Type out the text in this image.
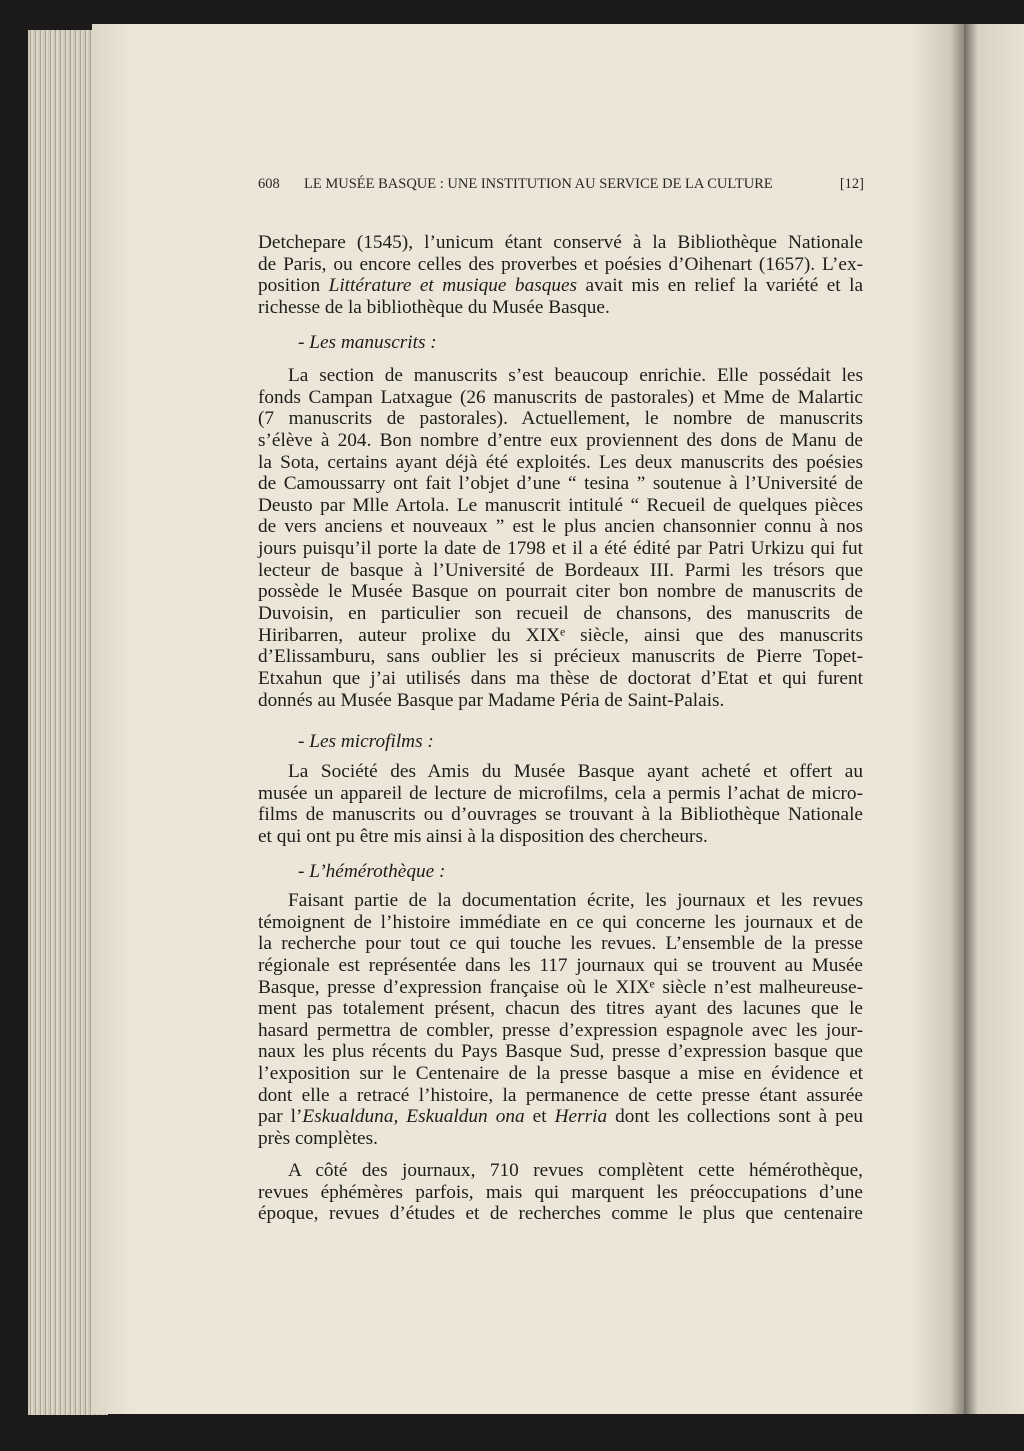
608 LE MUSÉE BASQUE : UNE INSTITUTION AU SERVICE DE LA CULTURE	[12]
Detchepare (1545), l’unicum étant conservé à la Bibliothèque Nationale
de Paris, ou encore celles des proverbes et poésies d’Oihenart (1657). L’ex-
position Littérature et musique basques avait mis en relief la variété et la
richesse de la bibliothèque du Musée Basque.
- Les manuscrits :
La section de manuscrits s’est beaucoup enrichie. Elle possédait les
fonds Campan Latxague (26 manuscrits de pastorales) et Mme de Malartic
(7 manuscrits de pastorales). Actuellement, le nombre de manuscrits
s’élève à 204. Bon nombre d’entre eux proviennent des dons de Manu de
la Sota, certains ayant déjà été exploités. Les deux manuscrits des poésies
de Camoussarry ont fait l’objet d’une “ tesina ” soutenue à l’Université de
Deusto par Mlle Artola. Le manuscrit intitulé “ Recueil de quelques pièces
de vers anciens et nouveaux ” est le plus ancien chansonnier connu à nos
jours puisqu’il porte la date de 1798 et il a été édité par Patri Urkizu qui fut
lecteur de basque à l’Université de Bordeaux III. Parmi les trésors que
possède le Musée Basque on pourrait citer bon nombre de manuscrits de
Duvoisin, en particulier son recueil de chansons, des manuscrits de
Hiribarren, auteur prolixe du XIXᵉ siècle, ainsi que des manuscrits
d’Elissamburu, sans oublier les si précieux manuscrits de Pierre Topet-
Etxahun que j’ai utilisés dans ma thèse de doctorat d’Etat et qui furent
donnés au Musée Basque par Madame Péria de Saint-Palais.
- Les microfilms :
La Société des Amis du Musée Basque ayant acheté et offert au
musée un appareil de lecture de microfilms, cela a permis l’achat de micro-
films de manuscrits ou d’ouvrages se trouvant à la Bibliothèque Nationale
et qui ont pu être mis ainsi à la disposition des chercheurs.
- L’hémérothèque :
Faisant partie de la documentation écrite, les journaux et les revues
témoignent de l’histoire immédiate en ce qui concerne les journaux et de
la recherche pour tout ce qui touche les revues. L’ensemble de la presse
régionale est représentée dans les 117 journaux qui se trouvent au Musée
Basque, presse d’expression française où le XIXᵉ siècle n’est malheureuse-
ment pas totalement présent, chacun des titres ayant des lacunes que le
hasard permettra de combler, presse d’expression espagnole avec les jour-
naux les plus récents du Pays Basque Sud, presse d’expression basque que
l’exposition sur le Centenaire de la presse basque a mise en évidence et
dont elle a retracé l’histoire, la permanence de cette presse étant assurée
par l’Eskualduna, Eskualdun ona et Herria dont les collections sont à peu
près complètes.
A côté des journaux, 710 revues complètent cette hémérothèque,
revues éphémères parfois, mais qui marquent les préoccupations d’une
époque, revues d’études et de recherches comme le plus que centenaire
